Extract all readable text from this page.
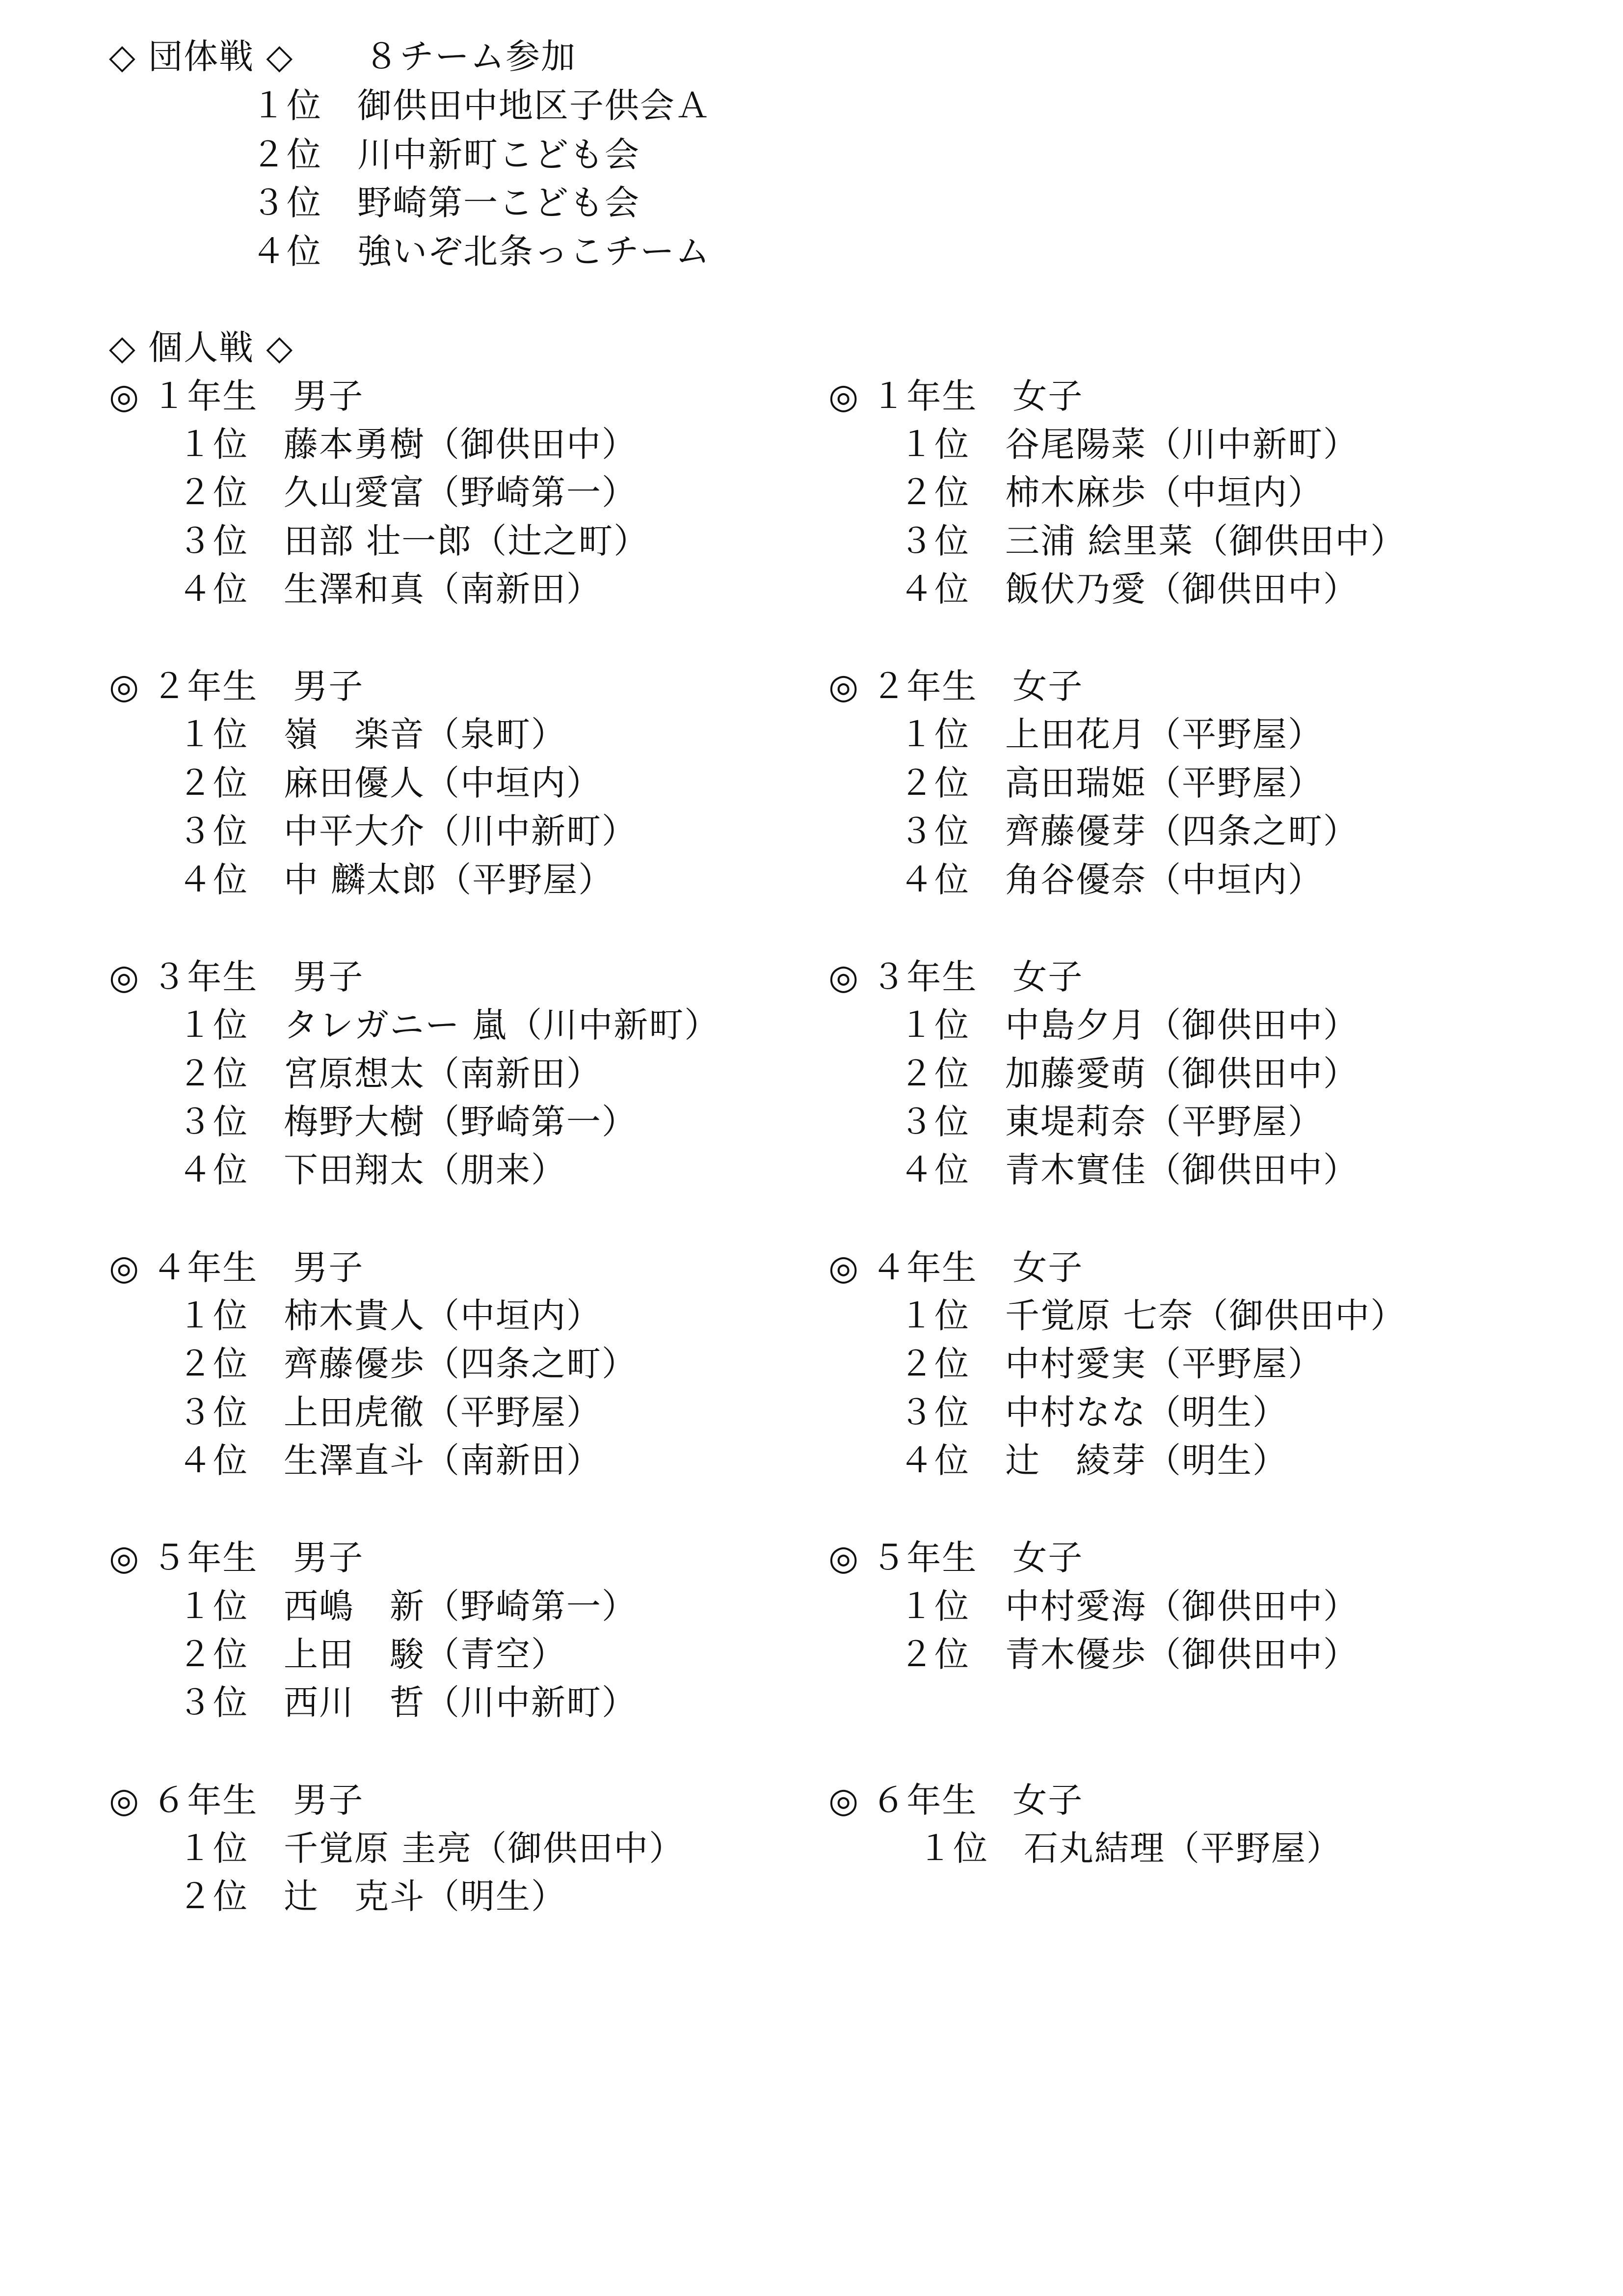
◇ 団体戦 ◇　　８チーム参加
１位　御供田中地区子供会Ａ
２位　川中新町こども会
３位　野崎第一こども会
４位　強いぞ北条っこチーム
◇ 個人戦 ◇
◎ １年生　男子	◎ １年生　女子
１位　藤本勇樹（御供田中）
２位　久山愛富（野崎第一）
３位　田部 壮一郎（辻之町）
４位　生澤和真（南新田）
１位　谷尾陽菜（川中新町）
２位　柿木麻歩（中垣内）
３位　三浦 絵里菜（御供田中）
４位　飯伏乃愛（御供田中）
◎ ２年生　男子	◎ ２年生　女子
１位　嶺　楽音（泉町）
２位　麻田優人（中垣内）
３位　中平大介（川中新町）
４位　中 麟太郎（平野屋）
１位　上田花月（平野屋）
２位　高田瑞姫（平野屋）
３位　齊藤優芽（四条之町）
４位　角谷優奈（中垣内）
◎ ３年生　男子	◎ ３年生　女子
１位　タレガニー 嵐（川中新町）
２位　宮原想太（南新田）
３位　梅野大樹（野崎第一）
４位　下田翔太（朋来）
１位　中島夕月（御供田中）
２位　加藤愛萌（御供田中）
３位　東堤莉奈（平野屋）
４位　青木實佳（御供田中）
◎ ４年生　男子	◎ ４年生　女子
１位　柿木貴人（中垣内）
２位　齊藤優歩（四条之町）
３位　上田虎徹（平野屋）
４位　生澤直斗（南新田）
１位　千覚原 七奈（御供田中）
２位　中村愛実（平野屋）
３位　中村なな（明生）
４位　辻　綾芽（明生）
◎ ５年生　男子	◎ ５年生　女子
１位　西嶋　新（野崎第一）
２位　上田　駿（青空）
３位　西川　哲（川中新町）
１位　中村愛海（御供田中）
２位　青木優歩（御供田中）
◎ ６年生　男子	◎ ６年生　女子
１位　千覚原 圭亮（御供田中）
２位　辻　克斗（明生）
１位　石丸結理（平野屋）
